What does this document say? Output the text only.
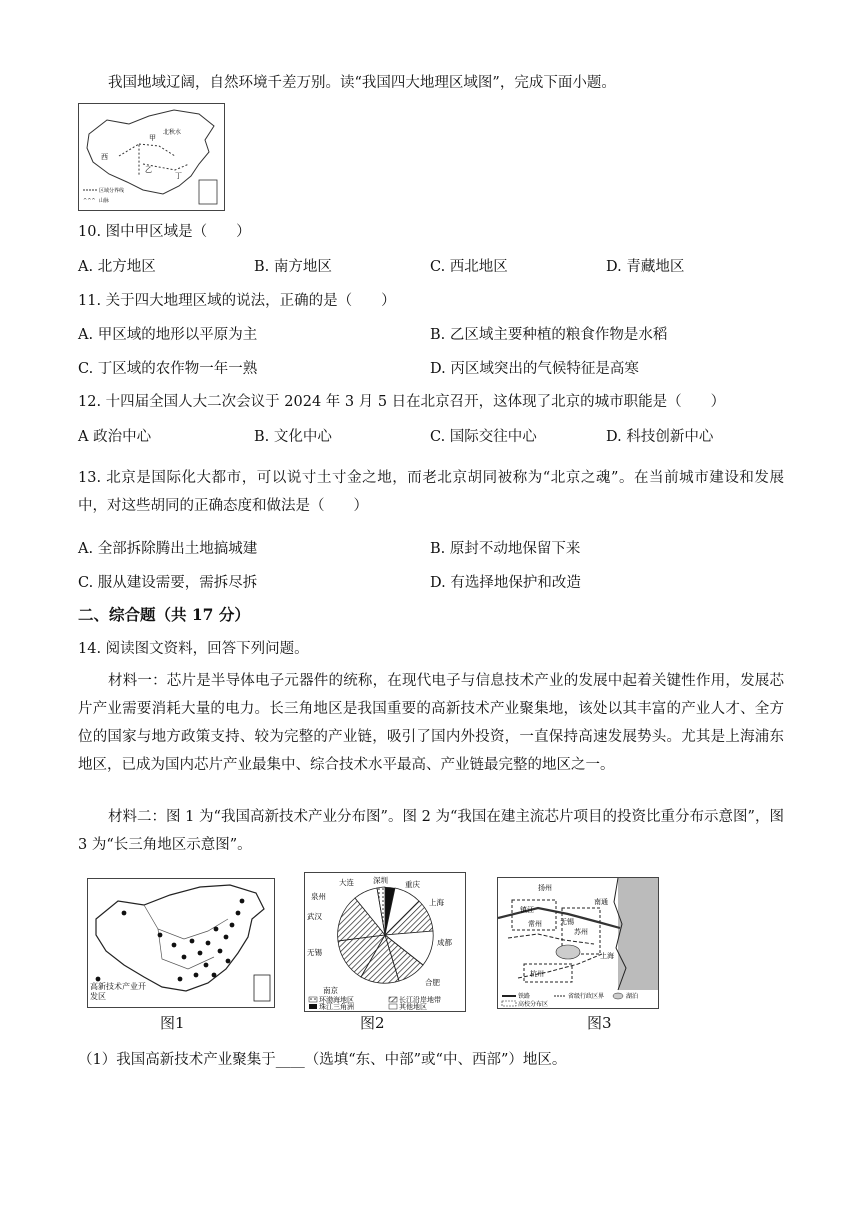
我国地域辽阔，自然环境千差万别。读“我国四大地理区域图”，完成下面小题。
西
甲
北秋水
丁
乙
区域分界线
^^^ 山脉
10. 图中甲区域是（　　）
A. 北方地区	B. 南方地区	C. 西北地区	D. 青藏地区
11. 关于四大地理区域的说法，正确的是（　　）
A. 甲区域的地形以平原为主	B. 乙区域主要种植的粮食作物是水稻
C. 丁区域的农作物一年一熟	D. 丙区域突出的气候特征是高寒
12. 十四届全国人大二次会议于 2024 年 3 月 5 日在北京召开，这体现了北京的城市职能是（　　）
A 政治中心	B. 文化中心	C. 国际交往中心	D. 科技创新中心
13. 北京是国际化大都市，可以说寸土寸金之地，而老北京胡同被称为“北京之魂”。在当前城市建设和发展中，对这些胡同的正确态度和做法是（　　）
A. 全部拆除腾出土地搞城建	B. 原封不动地保留下来
C. 服从建设需要，需拆尽拆	D. 有选择地保护和改造
二、综合题（共 17 分）
14. 阅读图文资料，回答下列问题。
材料一：芯片是半导体电子元器件的统称，在现代电子与信息技术产业的发展中起着关键性作用，发展芯片产业需要消耗大量的电力。长三角地区是我国重要的高新技术产业聚集地，该处以其丰富的产业人才、全方位的国家与地方政策支持、较为完整的产业链，吸引了国内外投资，一直保持高速发展势头。尤其是上海浦东地区，已成为国内芯片产业最集中、综合技术水平最高、产业链最完整的地区之一。
材料二：图 1 为“我国高新技术产业分布图”。图 2 为“我国在建主流芯片项目的投资比重分布示意图”，图 3 为“长三角地区示意图”。
高新技术产业开发区
图1
大连	深圳 重庆
泉州
上海
武汉
成都
无锡
南京
合肥
环渤海地区	长江沿岸地带
珠江三角洲	其他地区
图2
扬州
南通
镇江
常州	无锡
苏州
上海
杭州
铁路	省级行政区界	湖泊
高校分布区
图3
（1）我国高新技术产业聚集于____（选填“东、中部”或“中、西部”）地区。
